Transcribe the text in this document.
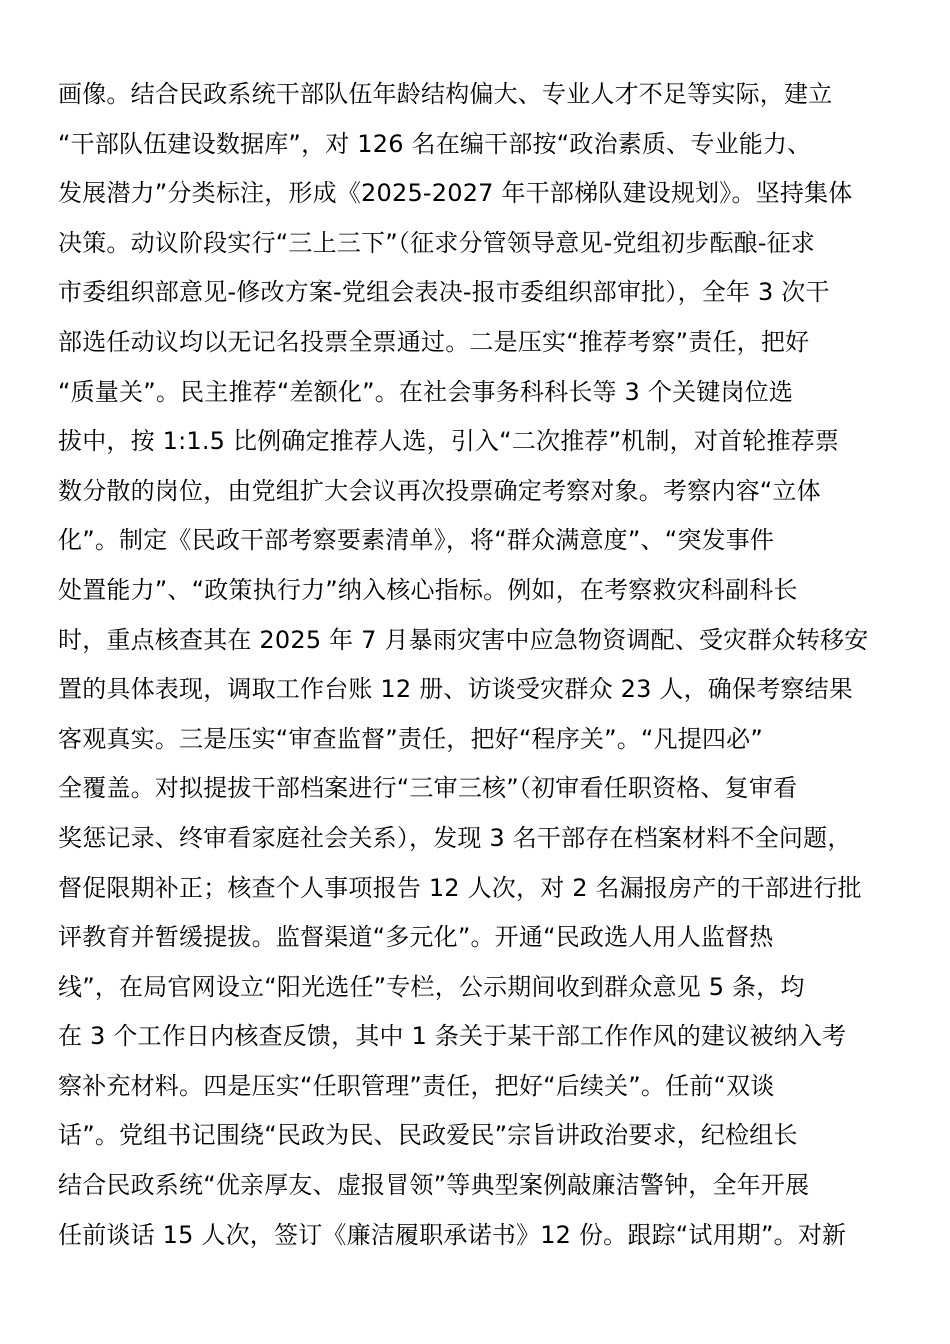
画像。结合民政系统干部队伍年龄结构偏大、专业人才不足等实际，建立
“干部队伍建设数据库”，对 126 名在编干部按“政治素质、专业能力、
发展潜力”分类标注，形成《2025-2027 年干部梯队建设规划》。坚持集体
决策。动议阶段实行“三上三下”（征求分管领导意见-党组初步酝酿-征求
市委组织部意见-修改方案-党组会表决-报市委组织部审批），全年 3 次干
部选任动议均以无记名投票全票通过。二是压实“推荐考察”责任，把好
“质量关”。民主推荐“差额化”。在社会事务科科长等 3 个关键岗位选
拔中，按 1:1.5 比例确定推荐人选，引入“二次推荐”机制，对首轮推荐票
数分散的岗位，由党组扩大会议再次投票确定考察对象。考察内容“立体
化”。制定《民政干部考察要素清单》，将“群众满意度”、“突发事件
处置能力”、“政策执行力”纳入核心指标。例如，在考察救灾科副科长
时，重点核查其在 2025 年 7 月暴雨灾害中应急物资调配、受灾群众转移安
置的具体表现，调取工作台账 12 册、访谈受灾群众 23 人，确保考察结果
客观真实。三是压实“审查监督”责任，把好“程序关”。“凡提四必”
全覆盖。对拟提拔干部档案进行“三审三核”（初审看任职资格、复审看
奖惩记录、终审看家庭社会关系），发现 3 名干部存在档案材料不全问题，
督促限期补正；核查个人事项报告 12 人次，对 2 名漏报房产的干部进行批
评教育并暂缓提拔。监督渠道“多元化”。开通“民政选人用人监督热
线”，在局官网设立“阳光选任”专栏，公示期间收到群众意见 5 条，均
在 3 个工作日内核查反馈，其中 1 条关于某干部工作作风的建议被纳入考
察补充材料。四是压实“任职管理”责任，把好“后续关”。任前“双谈
话”。党组书记围绕“民政为民、民政爱民”宗旨讲政治要求，纪检组长
结合民政系统“优亲厚友、虚报冒领”等典型案例敲廉洁警钟，全年开展
任前谈话 15 人次，签订《廉洁履职承诺书》12 份。跟踪“试用期”。对新
